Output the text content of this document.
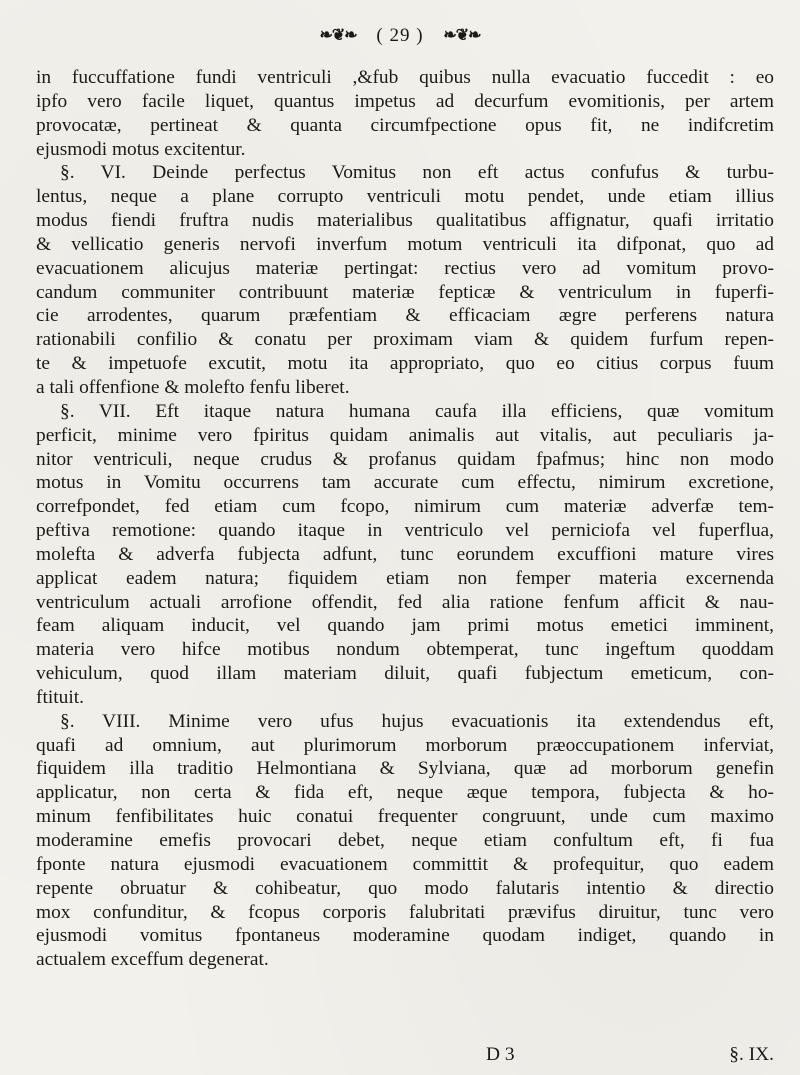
❧❦❧ ( 29 ) ❧❦❧
in fuccuffatione fundi ventriculi ,&fub quibus nulla evacuatio fuccedit : eo
ipfo vero facile liquet, quantus impetus ad decurfum evomitionis, per artem
provocatæ, pertineat & quanta circumfpectione opus fit, ne indifcretim
ejusmodi motus excitentur.
§. VI. Deinde perfectus Vomitus non eft actus confufus & turbu-
lentus, neque a plane corrupto ventriculi motu pendet, unde etiam illius
modus fiendi fruftra nudis materialibus qualitatibus affignatur, quafi irritatio
& vellicatio generis nervofi inverfum motum ventriculi ita difponat, quo ad
evacuationem alicujus materiæ pertingat: rectius vero ad vomitum provo-
candum communiter contribuunt materiæ fepticæ & ventriculum in fuperfi-
cie arrodentes, quarum præfentiam & efficaciam ægre perferens natura
rationabili confilio & conatu per proximam viam & quidem furfum repen-
te & impetuofe excutit, motu ita appropriato, quo eo citius corpus fuum
a tali offenfione & molefto fenfu liberet.
§. VII. Eft itaque natura humana caufa illa efficiens, quæ vomitum
perficit, minime vero fpiritus quidam animalis aut vitalis, aut peculiaris ja-
nitor ventriculi, neque crudus & profanus quidam fpafmus; hinc non modo
motus in Vomitu occurrens tam accurate cum effectu, nimirum excretione,
correfpondet, fed etiam cum fcopo, nimirum cum materiæ adverfæ tem-
peftiva remotione: quando itaque in ventriculo vel perniciofa vel fuperflua,
molefta & adverfa fubjecta adfunt, tunc eorundem excuffioni mature vires
applicat eadem natura; fiquidem etiam non femper materia excernenda
ventriculum actuali arrofione offendit, fed alia ratione fenfum afficit & nau-
feam aliquam inducit, vel quando jam primi motus emetici imminent,
materia vero hifce motibus nondum obtemperat, tunc ingeftum quoddam
vehiculum, quod illam materiam diluit, quafi fubjectum emeticum, con-
ftituit.
§. VIII. Minime vero ufus hujus evacuationis ita extendendus eft,
quafi ad omnium, aut plurimorum morborum præoccupationem inferviat,
fiquidem illa traditio Helmontiana & Sylviana, quæ ad morborum genefin
applicatur, non certa & fida eft, neque æque tempora, fubjecta & ho-
minum fenfibilitates huic conatui frequenter congruunt, unde cum maximo
moderamine emefis provocari debet, neque etiam confultum eft, fi fua
fponte natura ejusmodi evacuationem committit & profequitur, quo eadem
repente obruatur & cohibeatur, quo modo falutaris intentio & directio
mox confunditur, & fcopus corporis falubritati prævifus diruitur, tunc vero
ejusmodi vomitus fpontaneus moderamine quodam indiget, quando in
actualem exceffum degenerat.
D 3	§. IX.
